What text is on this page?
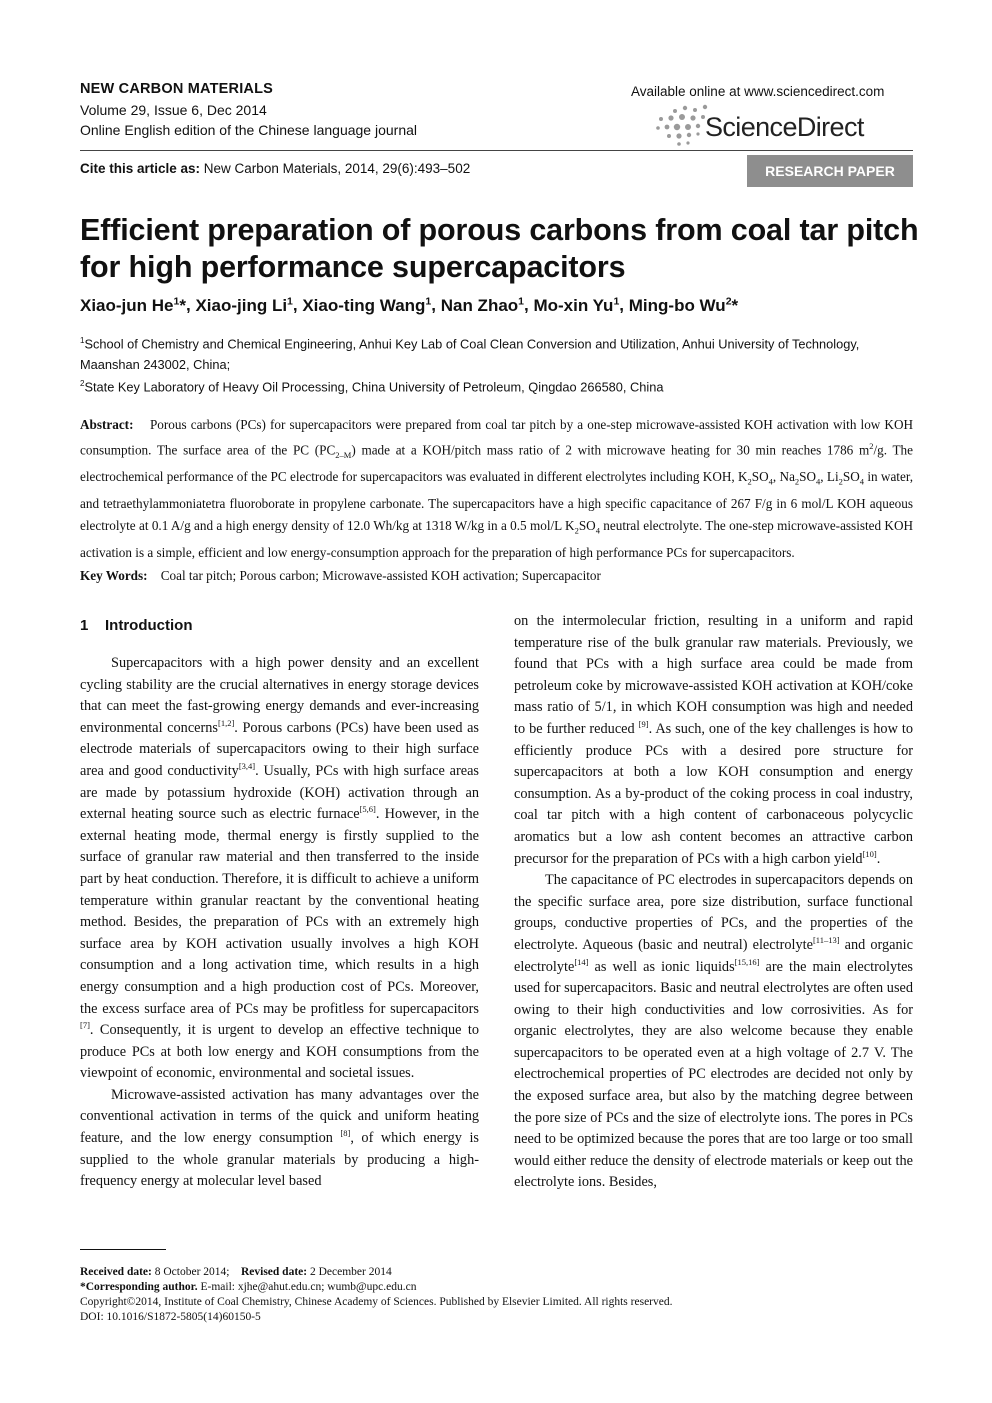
NEW CARBON MATERIALS
Volume 29, Issue 6, Dec 2014
Online English edition of the Chinese language journal
Available online at www.sciencedirect.com
ScienceDirect
Cite this article as: New Carbon Materials, 2014, 29(6):493–502	RESEARCH PAPER
Efficient preparation of porous carbons from coal tar pitch for high performance supercapacitors
Xiao-jun He$^1$*, Xiao-jing Li$^1$, Xiao-ting Wang$^1$, Nan Zhao$^1$, Mo-xin Yu$^1$, Ming-bo Wu$^2$*
$^1$School of Chemistry and Chemical Engineering, Anhui Key Lab of Coal Clean Conversion and Utilization, Anhui University of Technology, Maanshan 243002, China;
$^2$State Key Laboratory of Heavy Oil Processing, China University of Petroleum, Qingdao 266580, China
Abstract: Porous carbons (PCs) for supercapacitors were prepared from coal tar pitch by a one-step microwave-assisted KOH activation with low KOH consumption. The surface area of the PC $(PC_{2-M})$ made at a KOH/pitch mass ratio of 2 with microwave heating for 30 min reaches 1786 $m^2/g$. The electrochemical performance of the PC electrode for supercapacitors was evaluated in different electrolytes including KOH, $K_2SO_4$, $Na_2SO_4$, $Li_2SO_4$ in water, and tetraethylammoniatetra fluoroborate in propylene carbonate. The supercapacitors have a high specific capacitance of 267 F/g in 6 mol/L KOH aqueous electrolyte at 0.1 A/g and a high energy density of 12.0 Wh/kg at 1318 W/kg in a 0.5 mol/L $K_2SO_4$ neutral electrolyte. The one-step microwave-assisted KOH activation is a simple, efficient and low energy-consumption approach for the preparation of high performance PCs for supercapacitors.
Key Words: Coal tar pitch; Porous carbon; Microwave-assisted KOH activation; Supercapacitor
1 Introduction

Supercapacitors with a high power density and an excellent cycling stability are the crucial alternatives in energy storage devices that can meet the fast-growing energy demands and ever-increasing environmental concerns[1,2]. Porous carbons (PCs) have been used as electrode materials of supercapacitors owing to their high surface area and good conductivity[3,4]. Usually, PCs with high surface areas are made by potassium hydroxide (KOH) activation through an external heating source such as electric furnace[5,6]. However, in the external heating mode, thermal energy is firstly supplied to the surface of granular raw material and then transferred to the inside part by heat conduction. Therefore, it is difficult to achieve a uniform temperature within granular reactant by the conventional heating method. Besides, the preparation of PCs with an extremely high surface area by KOH activation usually involves a high KOH consumption and a long activation time, which results in a high energy consumption and a high production cost of PCs. Moreover, the excess surface area of PCs may be profitless for supercapacitors [7]. Consequently, it is urgent to develop an effective technique to produce PCs at both low energy and KOH consumptions from the viewpoint of economic, environmental and societal issues.

Microwave-assisted activation has many advantages over the conventional activation in terms of the quick and uniform heating feature, and the low energy consumption [8], of which energy is supplied to the whole granular materials by producing a high-frequency energy at molecular level based

on the intermolecular friction, resulting in a uniform and rapid temperature rise of the bulk granular raw materials. Previously, we found that PCs with a high surface area could be made from petroleum coke by microwave-assisted KOH activation at KOH/coke mass ratio of 5/1, in which KOH consumption was high and needed to be further reduced [9]. As such, one of the key challenges is how to efficiently produce PCs with a desired pore structure for supercapacitors at both a low KOH consumption and energy consumption. As a by-product of the coking process in coal industry, coal tar pitch with a high content of carbonaceous polycyclic aromatics but a low ash content becomes an attractive carbon precursor for the preparation of PCs with a high carbon yield[10].

The capacitance of PC electrodes in supercapacitors depends on the specific surface area, pore size distribution, surface functional groups, conductive properties of PCs, and the properties of the electrolyte. Aqueous (basic and neutral) electrolyte[11–13] and organic electrolyte[14] as well as ionic liquids[15,16] are the main electrolytes used for supercapacitors. Basic and neutral electrolytes are often used owing to their high conductivities and low corrosivities. As for organic electrolytes, they are also welcome because they enable supercapacitors to be operated even at a high voltage of 2.7 V. The electrochemical properties of PC electrodes are decided not only by the exposed surface area, but also by the matching degree between the pore size of PCs and the size of electrolyte ions. The pores in PCs need to be optimized because the pores that are too large or too small would either reduce the density of electrode materials or keep out the electrolyte ions. Besides,

Received date: 8 October 2014; Revised date: 2 December 2014
*Corresponding author. E-mail: xjhe@ahut.edu.cn; wumb@upc.edu.cn
Copyright©2014, Institute of Coal Chemistry, Chinese Academy of Sciences. Published by Elsevier Limited. All rights reserved.
DOI: 10.1016/S1872-5805(14)60150-5
